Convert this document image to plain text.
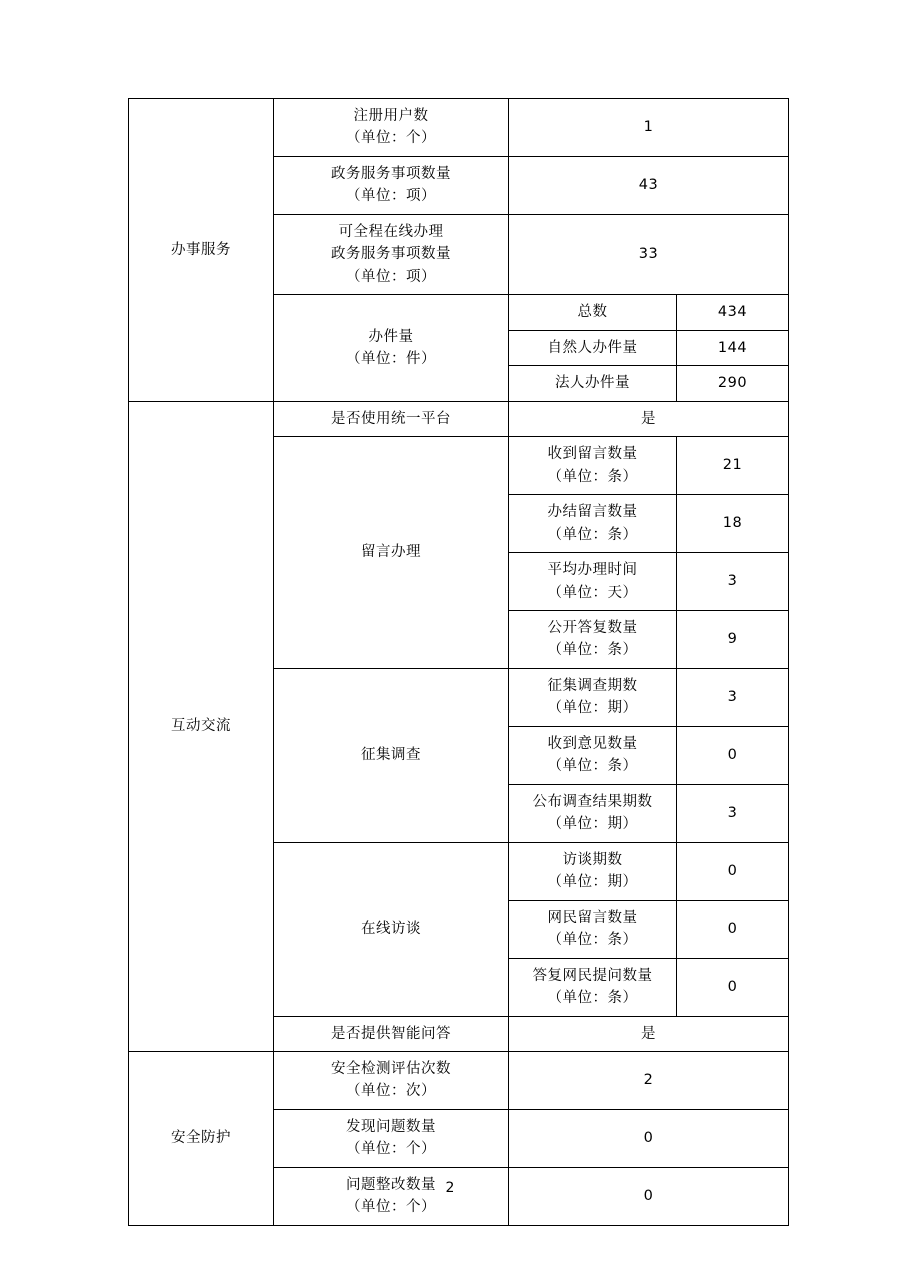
办事服务	注册用户数
（单位：个）	1	

	政务服务事项数量
（单位：项）	43	

	可全程在线办理
政务服务事项数量
（单位：项）	33	

	办件量
（单位：件）	总数	434

		自然人办件量	144

		法人办件量	290

互动交流	是否使用统一平台	是	

	留言办理	收到留言数量
（单位：条）	21

		办结留言数量
（单位：条）	18

		平均办理时间
（单位：天）	3

		公开答复数量
（单位：条）	9

	征集调查	征集调查期数
（单位：期）	3

		收到意见数量
（单位：条）	0

		公布调查结果期数
（单位：期）	3

	在线访谈	访谈期数
（单位：期）	0

		网民留言数量
（单位：条）	0

		答复网民提问数量
（单位：条）	0

	是否提供智能问答	是	

安全防护	安全检测评估次数
（单位：次）	2	

	发现问题数量
（单位：个）	0	

	问题整改数量
（单位：个）	0	
2
